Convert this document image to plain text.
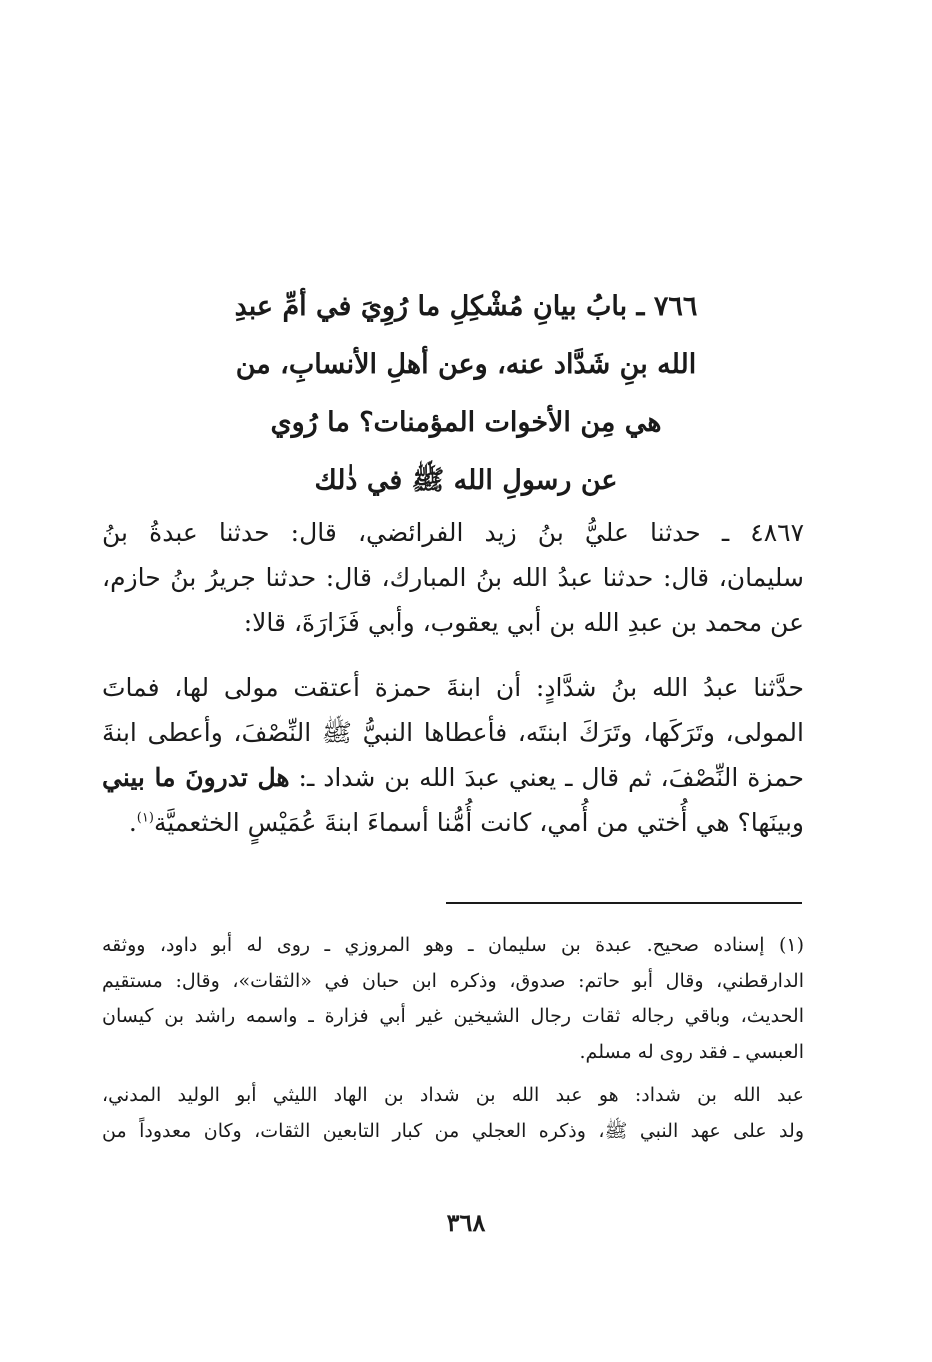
٧٦٦ ـ بابُ بيانِ مُشْكِلِ ما رُوِيَ في أمِّ عبدِ
الله بنِ شَدَّاد عنه، وعن أهلِ الأنسابِ، من
هي مِن الأخوات المؤمنات؟ ما رُوي
عن رسولِ الله ﷺ في ذٰلك
٤٨٦٧ ـ حدثنا عليُّ بنُ زيد الفرائضي، قال: حدثنا عبدةُ بنُ
سليمان، قال: حدثنا عبدُ الله بنُ المبارك، قال: حدثنا جريرُ بنُ حازم،
عن محمد بن عبدِ الله بن أبي يعقوب، وأبي فَزَارَةَ، قالا:
حدَّثنا عبدُ الله بنُ شدَّادٍ: أن ابنةَ حمزة أعتقت مولى لها، فماتَ
المولى، وتَرَكَها، وتَرَكَ ابنتَه، فأعطاها النبيُّ ﷺ النِّصْفَ، وأعطى ابنةَ
حمزة النِّصْفَ، ثم قال ـ يعني عبدَ الله بن شداد ـ: هل تدرونَ ما بيني
وبينَها؟ هي أُختي من أُمي، كانت أُمُّنا أسماءَ ابنةَ عُمَيْسٍ الخثعميَّة$^{(١)}$.
(١) إسناده صحيح. عبدة بن سليمان ـ وهو المروزي ـ روى له أبو داود، ووثقه
الدارقطني، وقال أبو حاتم: صدوق، وذكره ابن حبان في «الثقات»، وقال: مستقيم
الحديث، وباقي رجاله ثقات رجال الشيخين غير أبي فزارة ـ واسمه راشد بن كيسان
العبسي ـ فقد روى له مسلم.
عبد الله بن شداد: هو عبد الله بن شداد بن الهاد الليثي أبو الوليد المدني،
ولد على عهد النبي ﷺ، وذكره العجلي من كبار التابعين الثقات، وكان معدوداً من
٣٦٨
